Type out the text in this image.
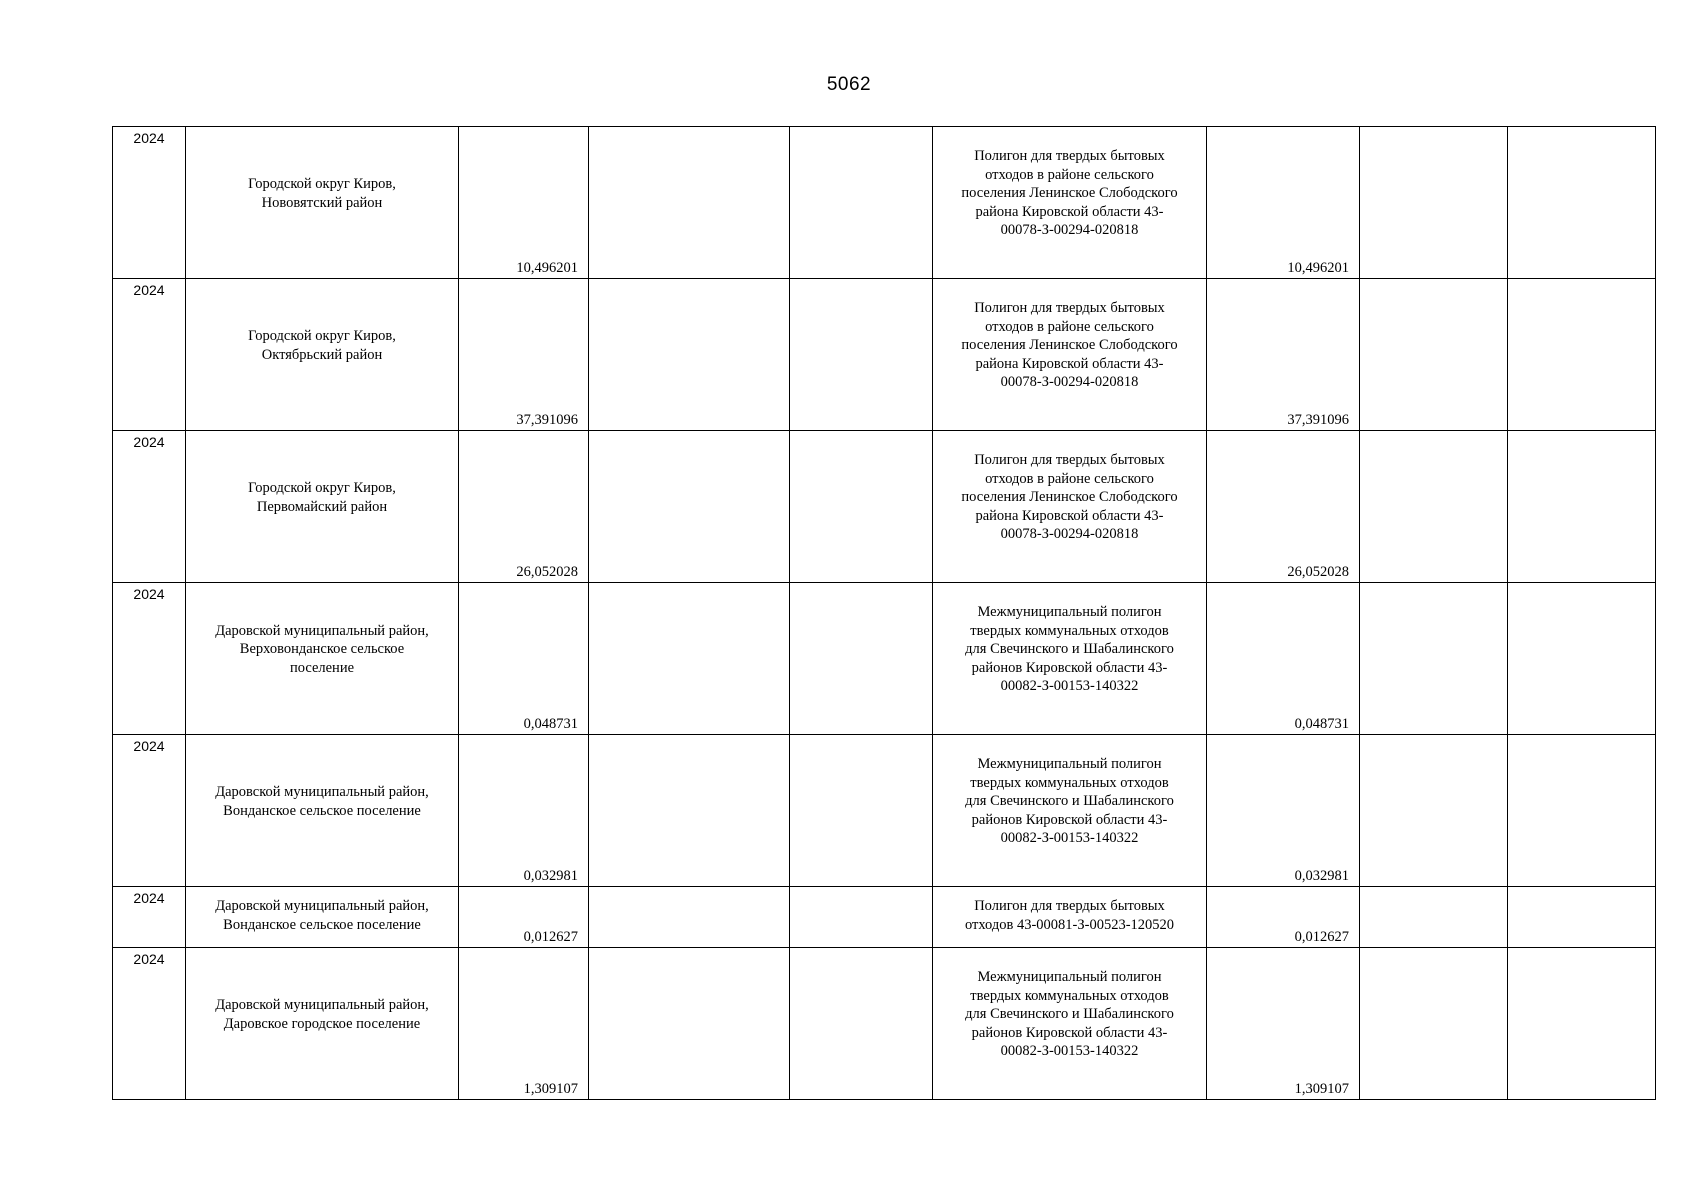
5062
2024	Городской округ Киров,
Нововятский район	10,496201			Полигон для твердых бытовых
отходов в районе сельского
поселения Ленинское Слободского
района Кировской области 43-
00078-З-00294-020818	10,496201		

2024	Городской округ Киров,
Октябрьский район	37,391096			Полигон для твердых бытовых
отходов в районе сельского
поселения Ленинское Слободского
района Кировской области 43-
00078-З-00294-020818	37,391096		

2024	Городской округ Киров,
Первомайский район	26,052028			Полигон для твердых бытовых
отходов в районе сельского
поселения Ленинское Слободского
района Кировской области 43-
00078-З-00294-020818	26,052028		

2024	Даровской муниципальный район,
Верховонданское сельское
поселение	0,048731			Межмуниципальный полигон
твердых коммунальных отходов
для Свечинского и Шабалинского
районов Кировской области 43-
00082-З-00153-140322	0,048731		

2024	Даровской муниципальный район,
Вонданское сельское поселение	0,032981			Межмуниципальный полигон
твердых коммунальных отходов
для Свечинского и Шабалинского
районов Кировской области 43-
00082-З-00153-140322	0,032981		

2024	Даровской муниципальный район,
Вонданское сельское поселение	0,012627			Полигон для твердых бытовых
отходов 43-00081-З-00523-120520	0,012627		

2024	Даровской муниципальный район,
Даровское городское поселение	1,309107			Межмуниципальный полигон
твердых коммунальных отходов
для Свечинского и Шабалинского
районов Кировской области 43-
00082-З-00153-140322	1,309107		
